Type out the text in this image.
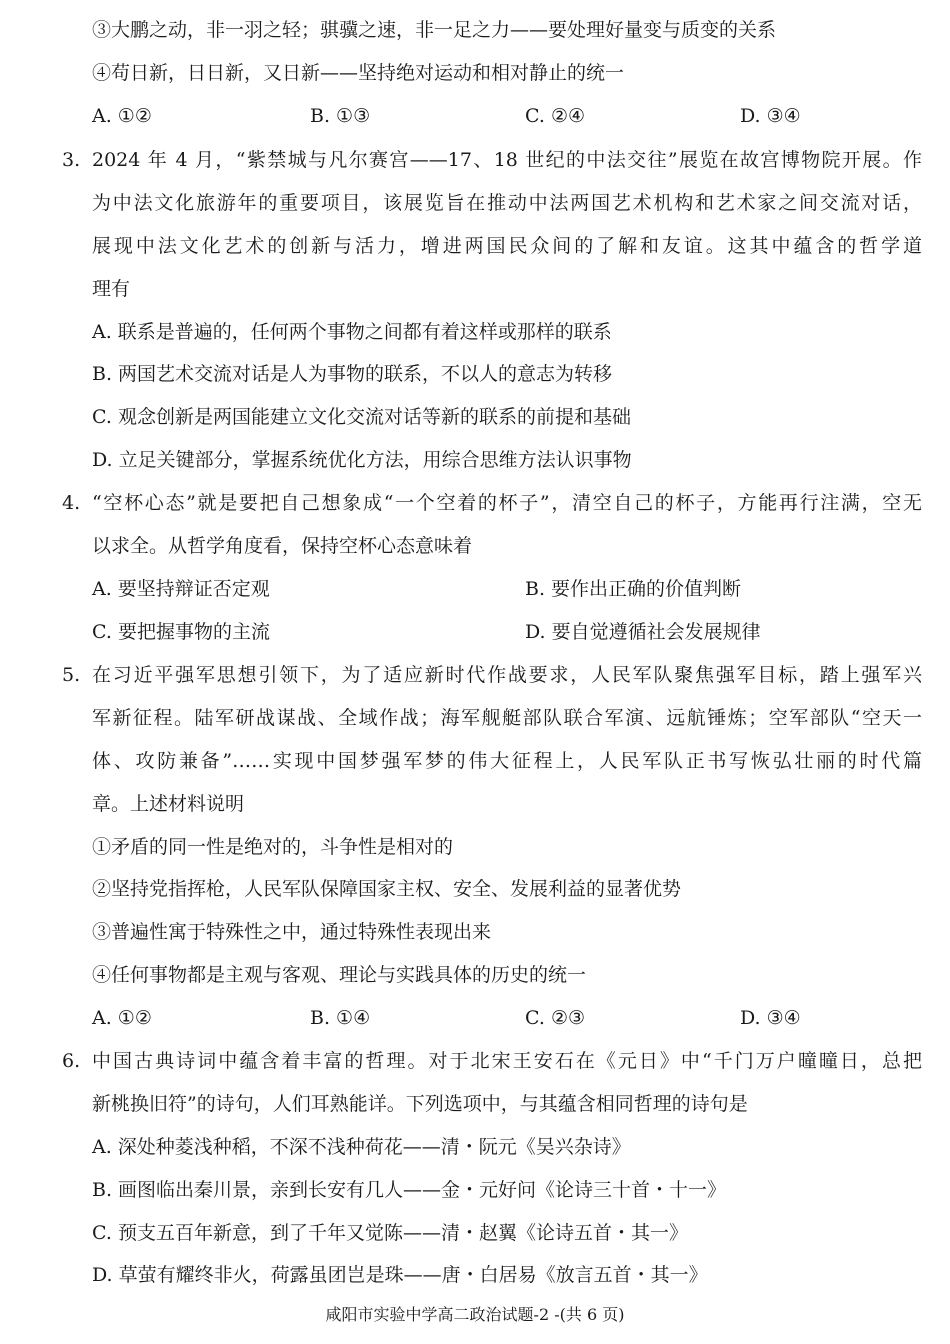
③大鹏之动，非一羽之轻；骐骥之速，非一足之力——要处理好量变与质变的关系
④苟日新，日日新，又日新——坚持绝对运动和相对静止的统一
A. ①②	B. ①③	C. ②④	D. ③④
3. 2024 年 4 月，“紫禁城与凡尔赛宫——17、18 世纪的中法交往”展览在故宫博物院开展。作
为中法文化旅游年的重要项目，该展览旨在推动中法两国艺术机构和艺术家之间交流对话，
展现中法文化艺术的创新与活力，增进两国民众间的了解和友谊。这其中蕴含的哲学道
理有
A. 联系是普遍的，任何两个事物之间都有着这样或那样的联系
B. 两国艺术交流对话是人为事物的联系，不以人的意志为转移
C. 观念创新是两国能建立文化交流对话等新的联系的前提和基础
D. 立足关键部分，掌握系统优化方法，用综合思维方法认识事物
4. “空杯心态”就是要把自己想象成“一个空着的杯子”，清空自己的杯子，方能再行注满，空无
以求全。从哲学角度看，保持空杯心态意味着
A. 要坚持辩证否定观	B. 要作出正确的价值判断
C. 要把握事物的主流	D. 要自觉遵循社会发展规律
5. 在习近平强军思想引领下，为了适应新时代作战要求，人民军队聚焦强军目标，踏上强军兴
军新征程。陆军研战谋战、全域作战；海军舰艇部队联合军演、远航锤炼；空军部队“空天一
体、攻防兼备”……实现中国梦强军梦的伟大征程上，人民军队正书写恢弘壮丽的时代篇
章。上述材料说明
①矛盾的同一性是绝对的，斗争性是相对的
②坚持党指挥枪，人民军队保障国家主权、安全、发展利益的显著优势
③普遍性寓于特殊性之中，通过特殊性表现出来
④任何事物都是主观与客观、理论与实践具体的历史的统一
A. ①②	B. ①④	C. ②③	D. ③④
6. 中国古典诗词中蕴含着丰富的哲理。对于北宋王安石在《元日》中“千门万户曈曈日，总把
新桃换旧符”的诗句，人们耳熟能详。下列选项中，与其蕴含相同哲理的诗句是
A. 深处种菱浅种稻，不深不浅种荷花——清・阮元《吴兴杂诗》
B. 画图临出秦川景，亲到长安有几人——金・元好问《论诗三十首・十一》
C. 预支五百年新意，到了千年又觉陈——清・赵翼《论诗五首・其一》
D. 草萤有耀终非火，荷露虽团岂是珠——唐・白居易《放言五首・其一》
咸阳市实验中学高二政治试题-2 -(共 6 页)
